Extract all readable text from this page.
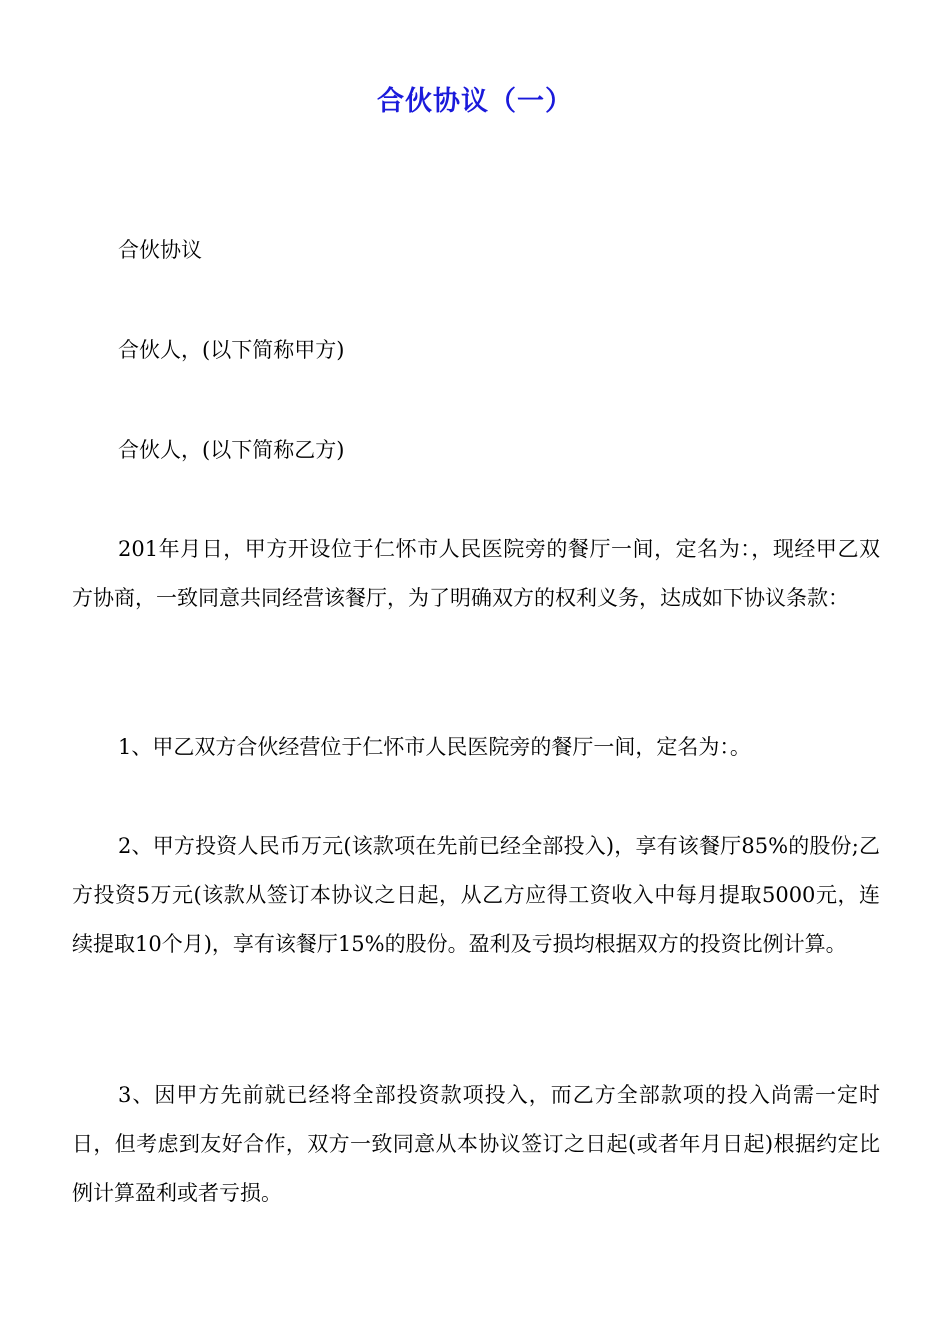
合伙协议（一）

合伙协议

合伙人，(以下简称甲方)

合伙人，(以下简称乙方)

201年月日，甲方开设位于仁怀市人民医院旁的餐厅一间，定名为：，现经甲乙双方协商，一致同意共同经营该餐厅，为了明确双方的权利义务，达成如下协议条款：

1、甲乙双方合伙经营位于仁怀市人民医院旁的餐厅一间，定名为：。

2、甲方投资人民币万元(该款项在先前已经全部投入)，享有该餐厅85%的股份;乙方投资5万元(该款从签订本协议之日起，从乙方应得工资收入中每月提取5000元，连续提取10个月)，享有该餐厅15%的股份。盈利及亏损均根据双方的投资比例计算。

3、因甲方先前就已经将全部投资款项投入，而乙方全部款项的投入尚需一定时日，但考虑到友好合作，双方一致同意从本协议签订之日起(或者年月日起)根据约定比例计算盈利或者亏损。
